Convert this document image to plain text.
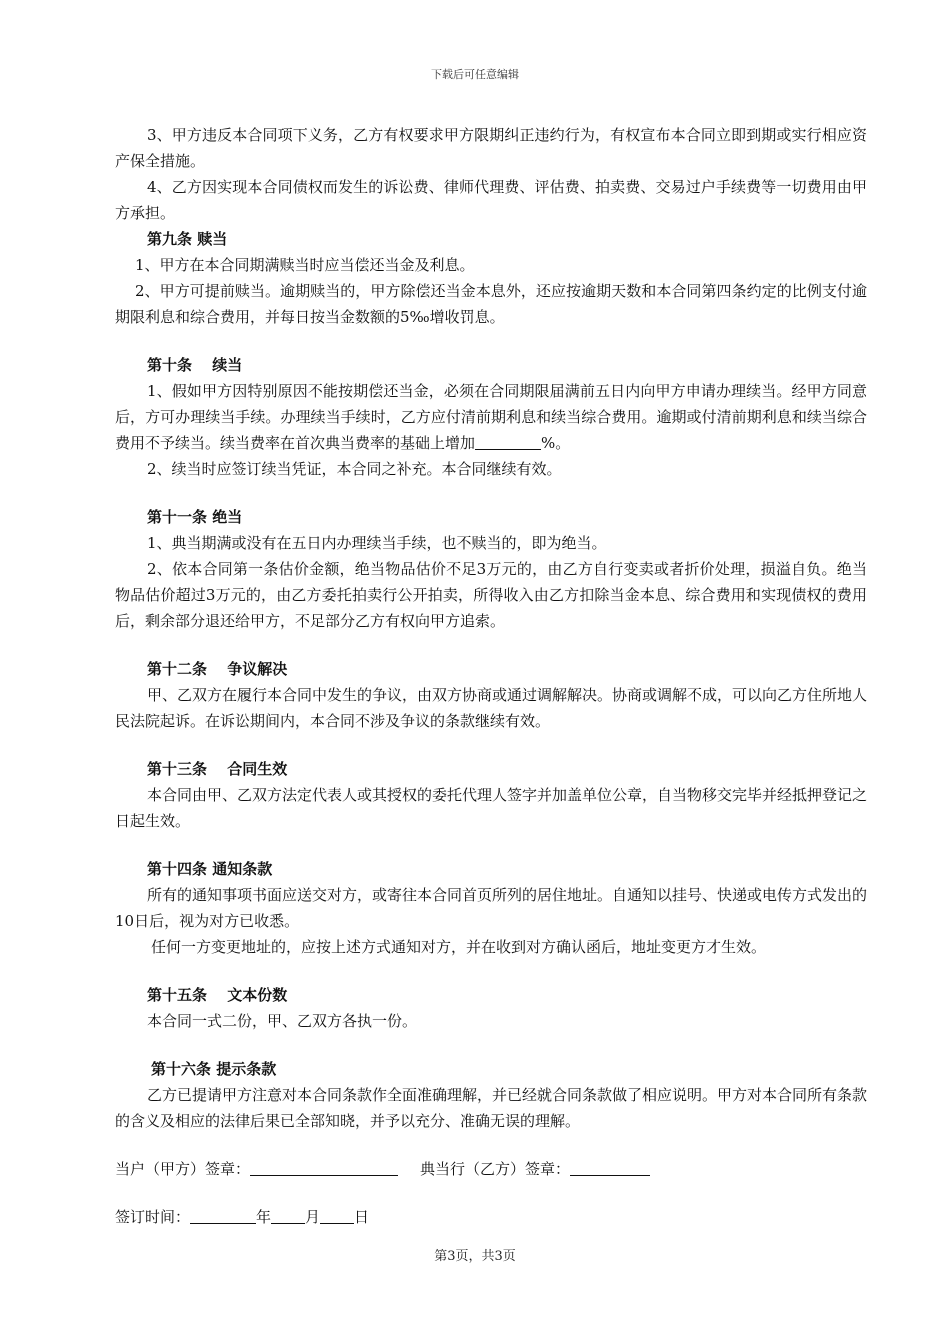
下载后可任意编辑

3、甲方违反本合同项下义务，乙方有权要求甲方限期纠正违约行为，有权宣布本合同立即到期或实行相应资产保全措施。

4、乙方因实现本合同债权而发生的诉讼费、律师代理费、评估费、拍卖费、交易过户手续费等一切费用由甲方承担。

第九条 赎当

1、甲方在本合同期满赎当时应当偿还当金及利息。

2、甲方可提前赎当。逾期赎当的，甲方除偿还当金本息外，还应按逾期天数和本合同第四条约定的比例支付逾期限利息和综合费用，并每日按当金数额的5‰增收罚息。

第十条　 续当

1、假如甲方因特别原因不能按期偿还当金，必须在合同期限届满前五日内向甲方申请办理续当。经甲方同意后，方可办理续当手续。办理续当手续时，乙方应付清前期利息和续当综合费用。逾期或付清前期利息和续当综合费用不予续当。续当费率在首次典当费率的基础上增加	%。

2、续当时应签订续当凭证，本合同之补充。本合同继续有效。

第十一条 绝当

1、典当期满或没有在五日内办理续当手续，也不赎当的，即为绝当。

2、依本合同第一条估价金额，绝当物品估价不足3万元的，由乙方自行变卖或者折价处理，损溢自负。绝当物品估价超过3万元的，由乙方委托拍卖行公开拍卖，所得收入由乙方扣除当金本息、综合费用和实现债权的费用后，剩余部分退还给甲方，不足部分乙方有权向甲方追索。

第十二条　 争议解决

甲、乙双方在履行本合同中发生的争议，由双方协商或通过调解解决。协商或调解不成，可以向乙方住所地人民法院起诉。在诉讼期间内，本合同不涉及争议的条款继续有效。

第十三条　 合同生效

本合同由甲、乙双方法定代表人或其授权的委托代理人签字并加盖单位公章，自当物移交完毕并经抵押登记之日起生效。

第十四条 通知条款

所有的通知事项书面应送交对方，或寄往本合同首页所列的居住地址。自通知以挂号、快递或电传方式发出的10日后，视为对方已收悉。

任何一方变更地址的，应按上述方式通知对方，并在收到对方确认函后，地址变更方才生效。

第十五条　 文本份数

本合同一式二份，甲、乙双方各执一份。

第十六条 提示条款

乙方已提请甲方注意对本合同条款作全面准确理解，并已经就合同条款做了相应说明。甲方对本合同所有条款的含义及相应的法律后果已全部知晓，并予以充分、准确无误的理解。

当户（甲方）签章：	典当行（乙方）签章：

签订时间：	年 月 日

第3页，共3页
